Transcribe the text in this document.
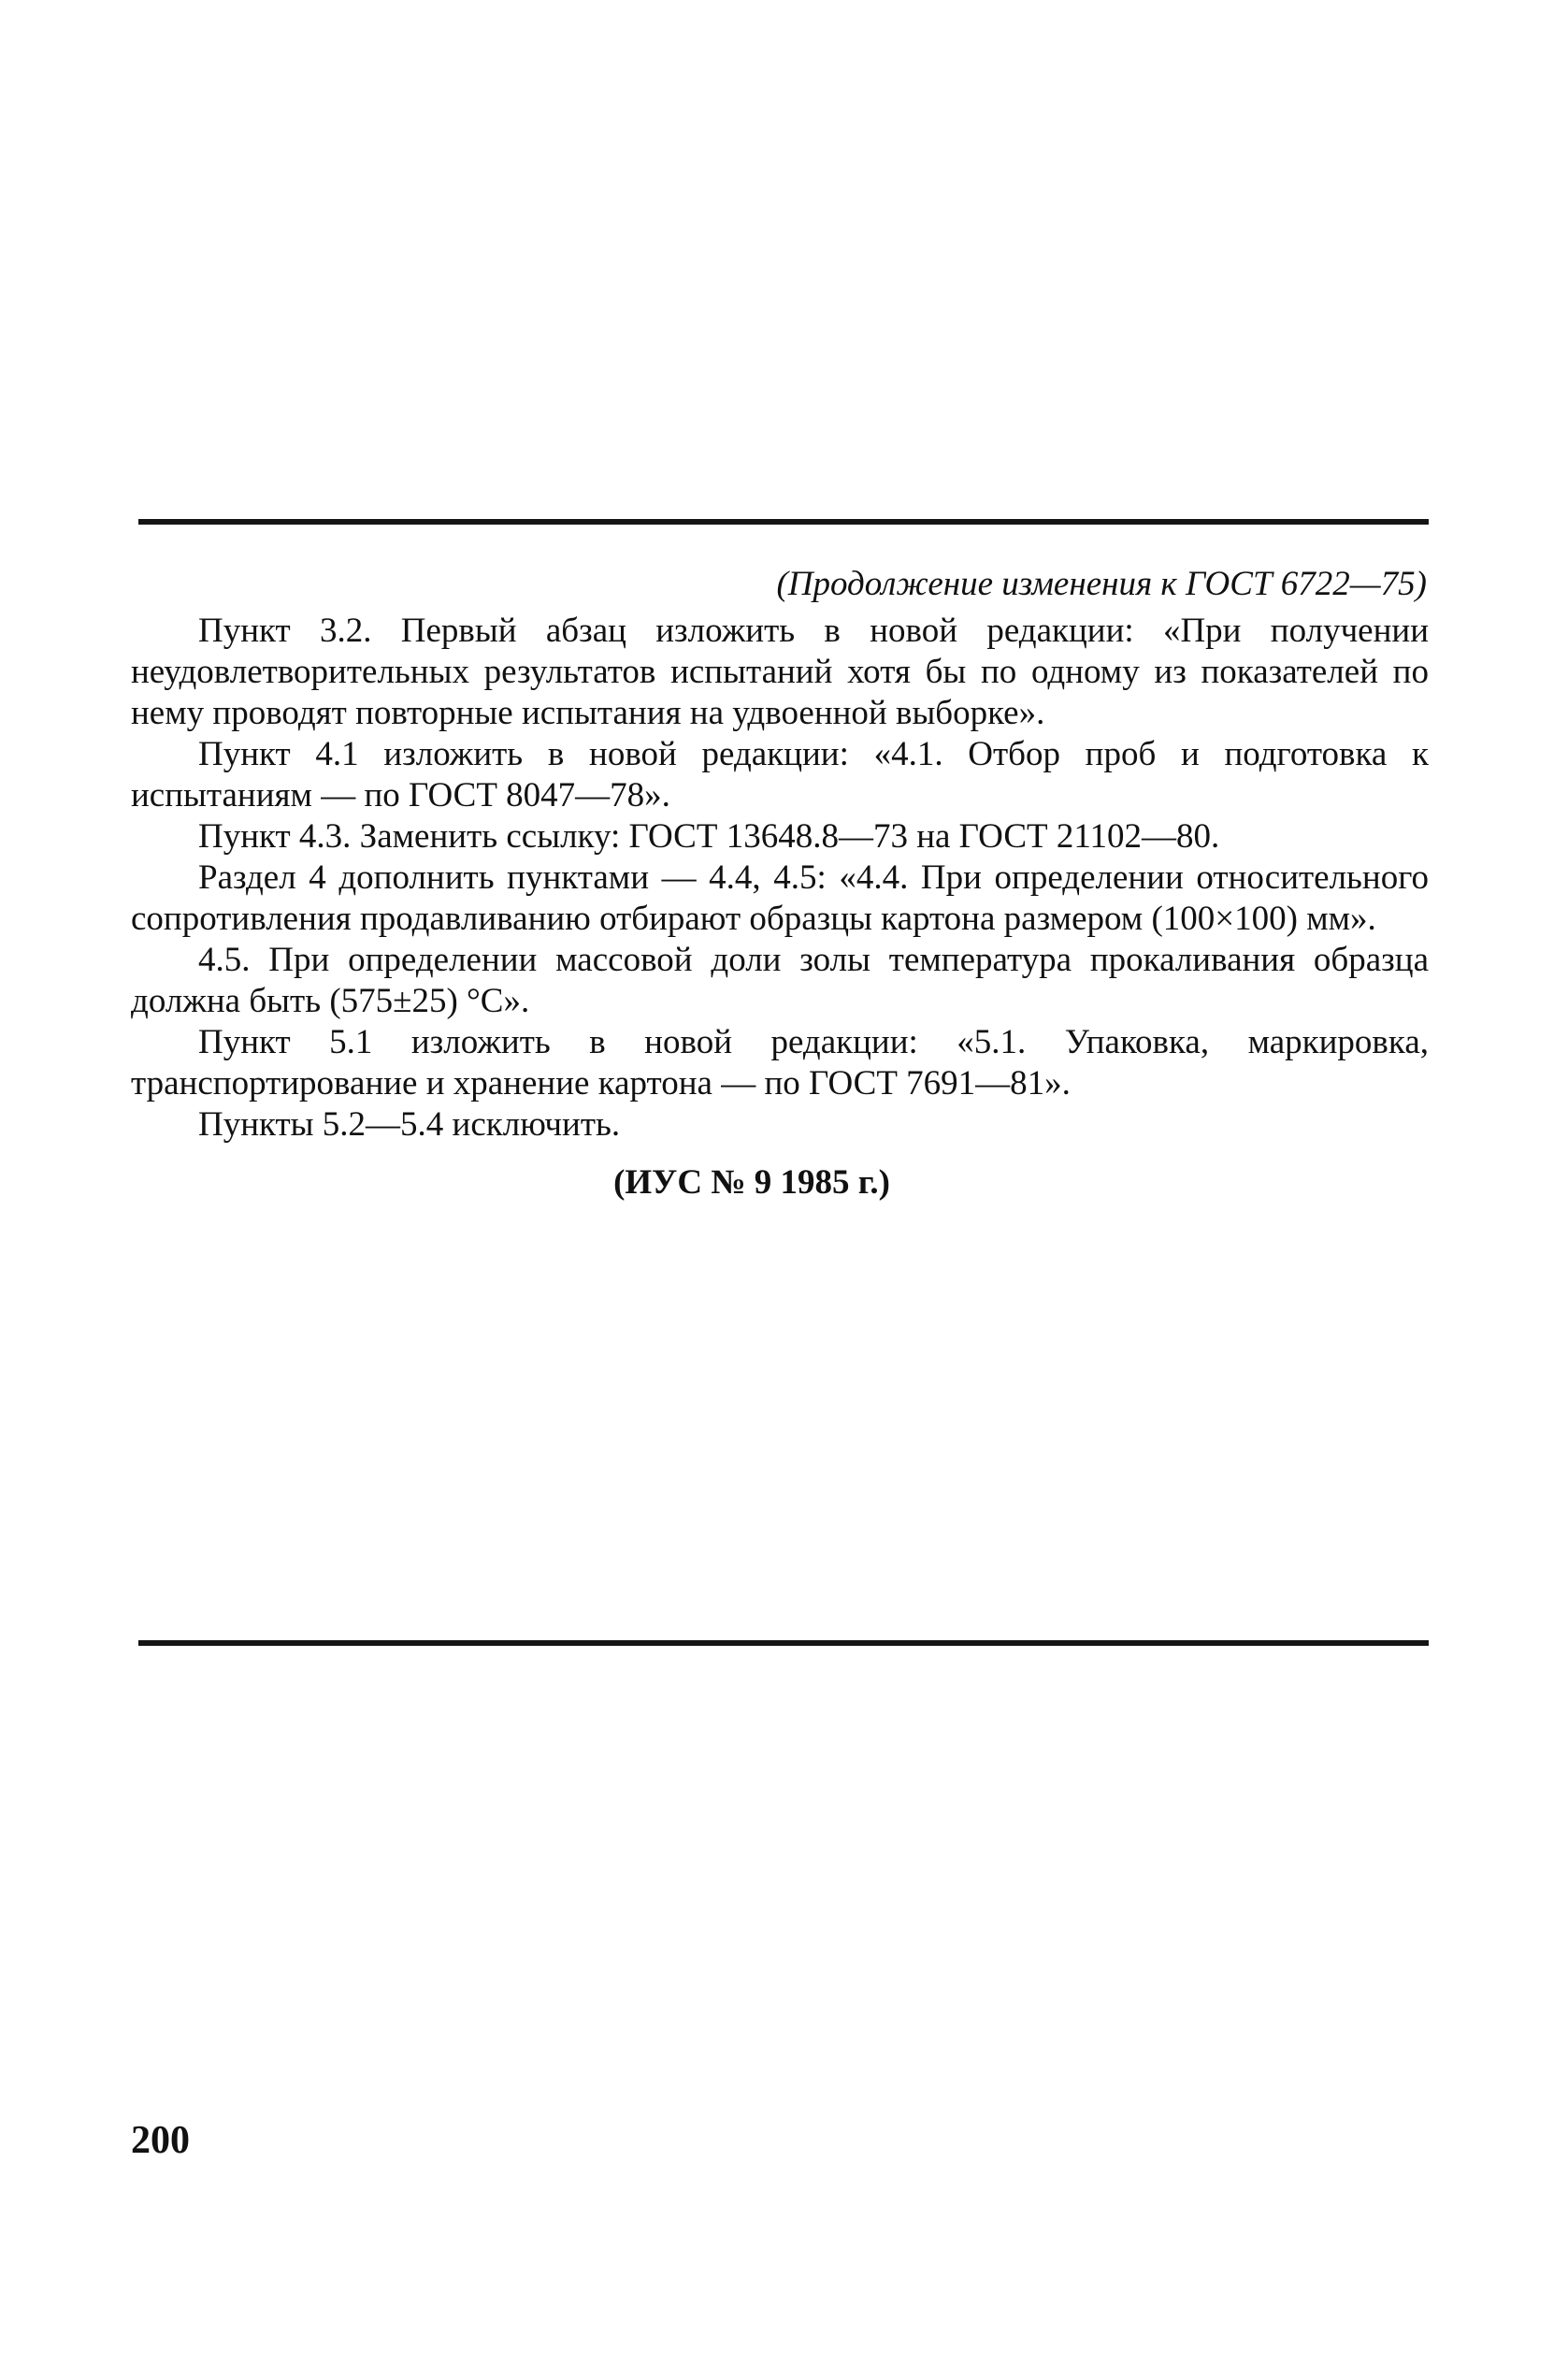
(Продолжение изменения к ГОСТ 6722—75)

Пункт 3.2. Первый абзац изложить в новой редакции: «При получении неудовлетворительных результатов испытаний хотя бы по одному из показателей по нему проводят повторные испытания на удвоенной выборке».

Пункт 4.1 изложить в новой редакции: «4.1. Отбор проб и подготовка к испытаниям — по ГОСТ 8047—78».

Пункт 4.3. Заменить ссылку: ГОСТ 13648.8—73 на ГОСТ 21102—80.

Раздел 4 дополнить пунктами — 4.4, 4.5: «4.4. При определении относительного сопротивления продавливанию отбирают образцы картона размером (100×100) мм».

4.5. При определении массовой доли золы температура прокаливания образца должна быть (575±25) °С».

Пункт 5.1 изложить в новой редакции: «5.1. Упаковка, маркировка, транспортирование и хранение картона — по ГОСТ 7691—81».

Пункты 5.2—5.4 исключить.

(ИУС № 9 1985 г.)

200
